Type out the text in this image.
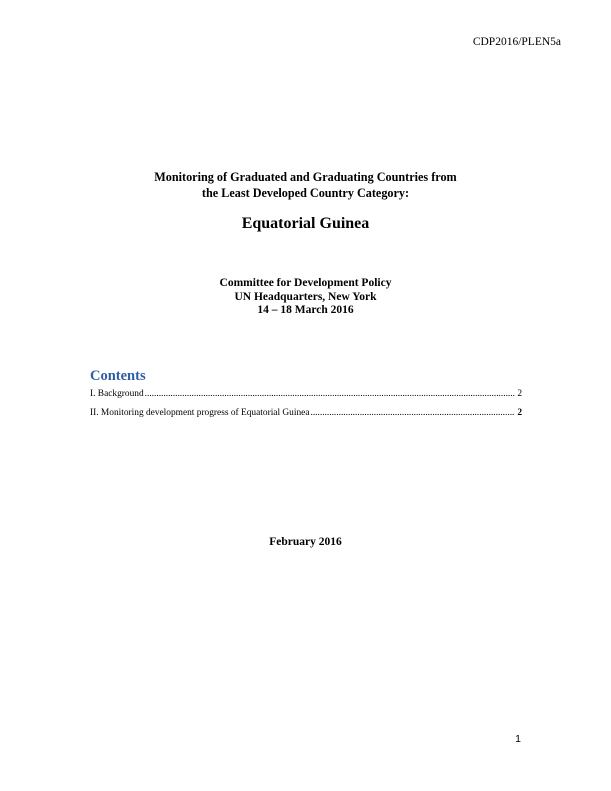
CDP2016/PLEN5a
Monitoring of Graduated and Graduating Countries from
the Least Developed Country Category:
Equatorial Guinea
Committee for Development Policy
UN Headquarters, New York
14 – 18 March 2016
Contents
I. Background .....	2
II. Monitoring development progress of Equatorial Guinea .....	2
February 2016
1
